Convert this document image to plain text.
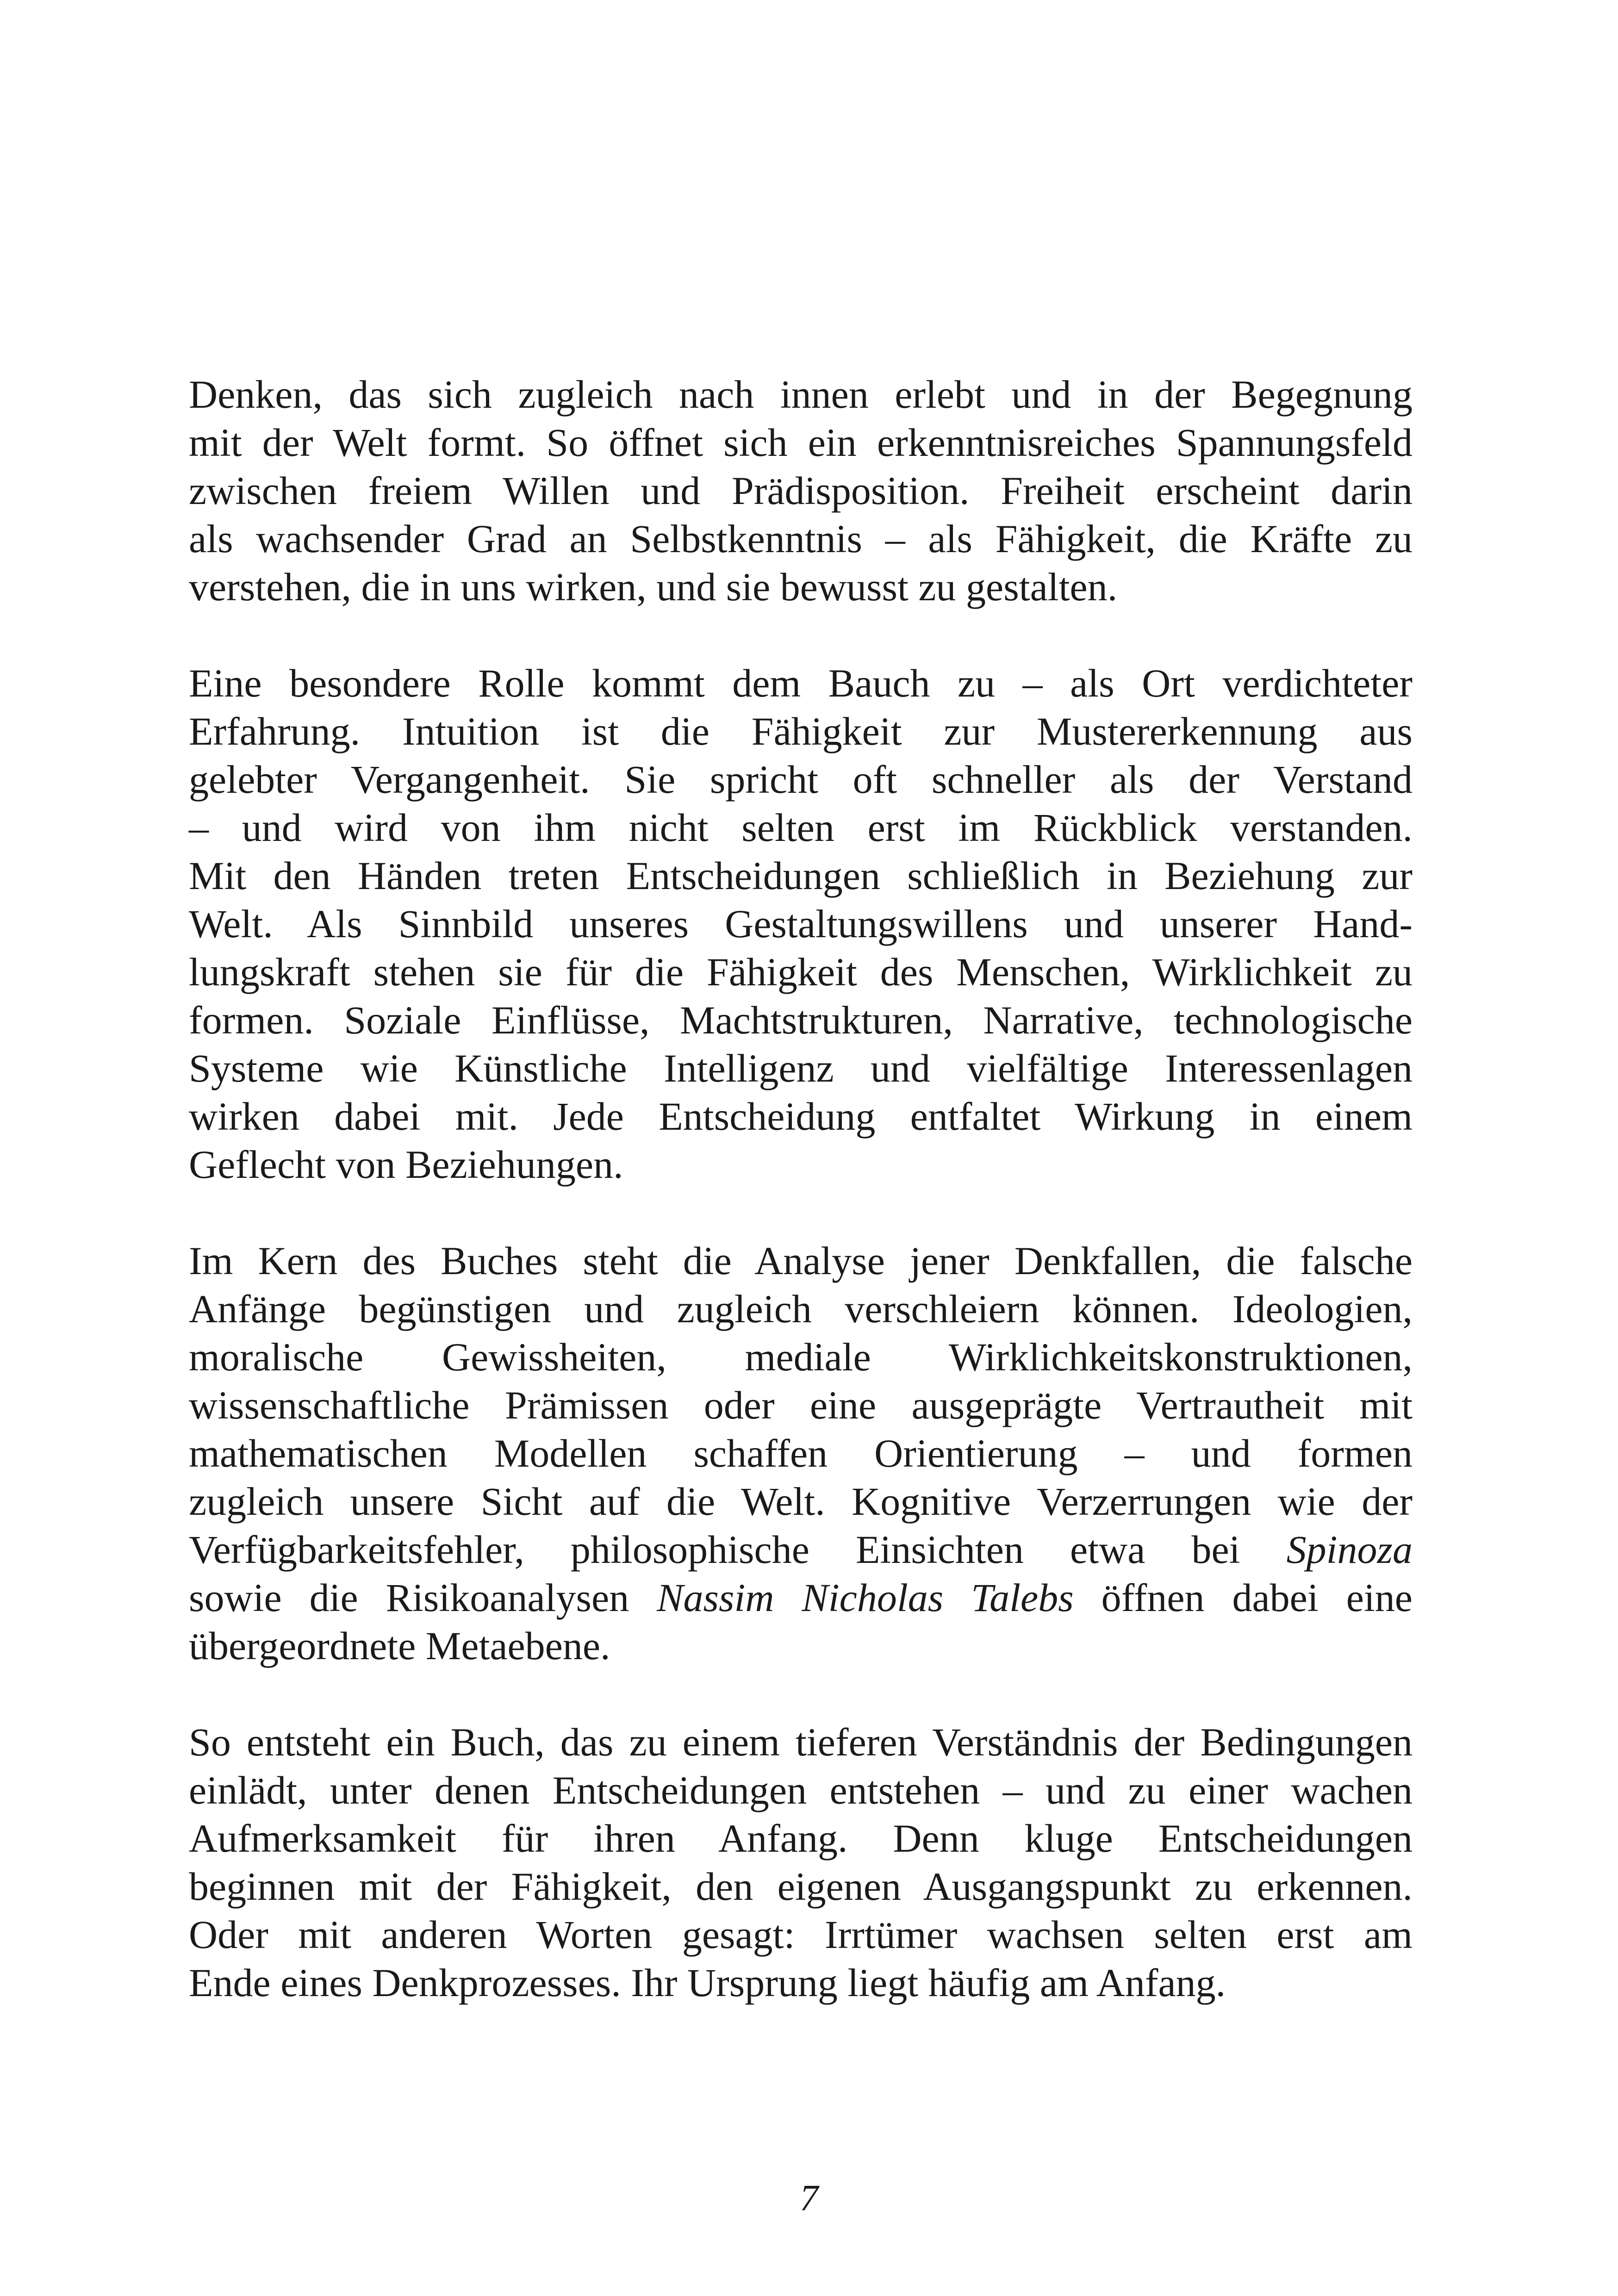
Denken, das sich zugleich nach innen erlebt und in der Begegnung
mit der Welt formt. So öffnet sich ein erkenntnisreiches Spannungsfeld
zwischen freiem Willen und Prädisposition. Freiheit erscheint darin
als wachsender Grad an Selbstkenntnis – als Fähigkeit, die Kräfte zu
verstehen, die in uns wirken, und sie bewusst zu gestalten.

Eine besondere Rolle kommt dem Bauch zu – als Ort verdichteter
Erfahrung. Intuition ist die Fähigkeit zur Mustererkennung aus
gelebter Vergangenheit. Sie spricht oft schneller als der Verstand
– und wird von ihm nicht selten erst im Rückblick verstanden.
Mit den Händen treten Entscheidungen schließlich in Beziehung zur
Welt. Als Sinnbild unseres Gestaltungswillens und unserer Hand-
lungskraft stehen sie für die Fähigkeit des Menschen, Wirklichkeit zu
formen. Soziale Einflüsse, Machtstrukturen, Narrative, technologische
Systeme wie Künstliche Intelligenz und vielfältige Interessenlagen
wirken dabei mit. Jede Entscheidung entfaltet Wirkung in einem
Geflecht von Beziehungen.

Im Kern des Buches steht die Analyse jener Denkfallen, die falsche
Anfänge begünstigen und zugleich verschleiern können. Ideologien,
moralische Gewissheiten, mediale Wirklichkeitskonstruktionen,
wissenschaftliche Prämissen oder eine ausgeprägte Vertrautheit mit
mathematischen Modellen schaffen Orientierung – und formen
zugleich unsere Sicht auf die Welt. Kognitive Verzerrungen wie der
Verfügbarkeitsfehler, philosophische Einsichten etwa bei Spinoza
sowie die Risikoanalysen Nassim Nicholas Talebs öffnen dabei eine
übergeordnete Metaebene.

So entsteht ein Buch, das zu einem tieferen Verständnis der Bedingungen
einlädt, unter denen Entscheidungen entstehen – und zu einer wachen
Aufmerksamkeit für ihren Anfang. Denn kluge Entscheidungen
beginnen mit der Fähigkeit, den eigenen Ausgangspunkt zu erkennen.
Oder mit anderen Worten gesagt: Irrtümer wachsen selten erst am
Ende eines Denkprozesses. Ihr Ursprung liegt häufig am Anfang.

7
